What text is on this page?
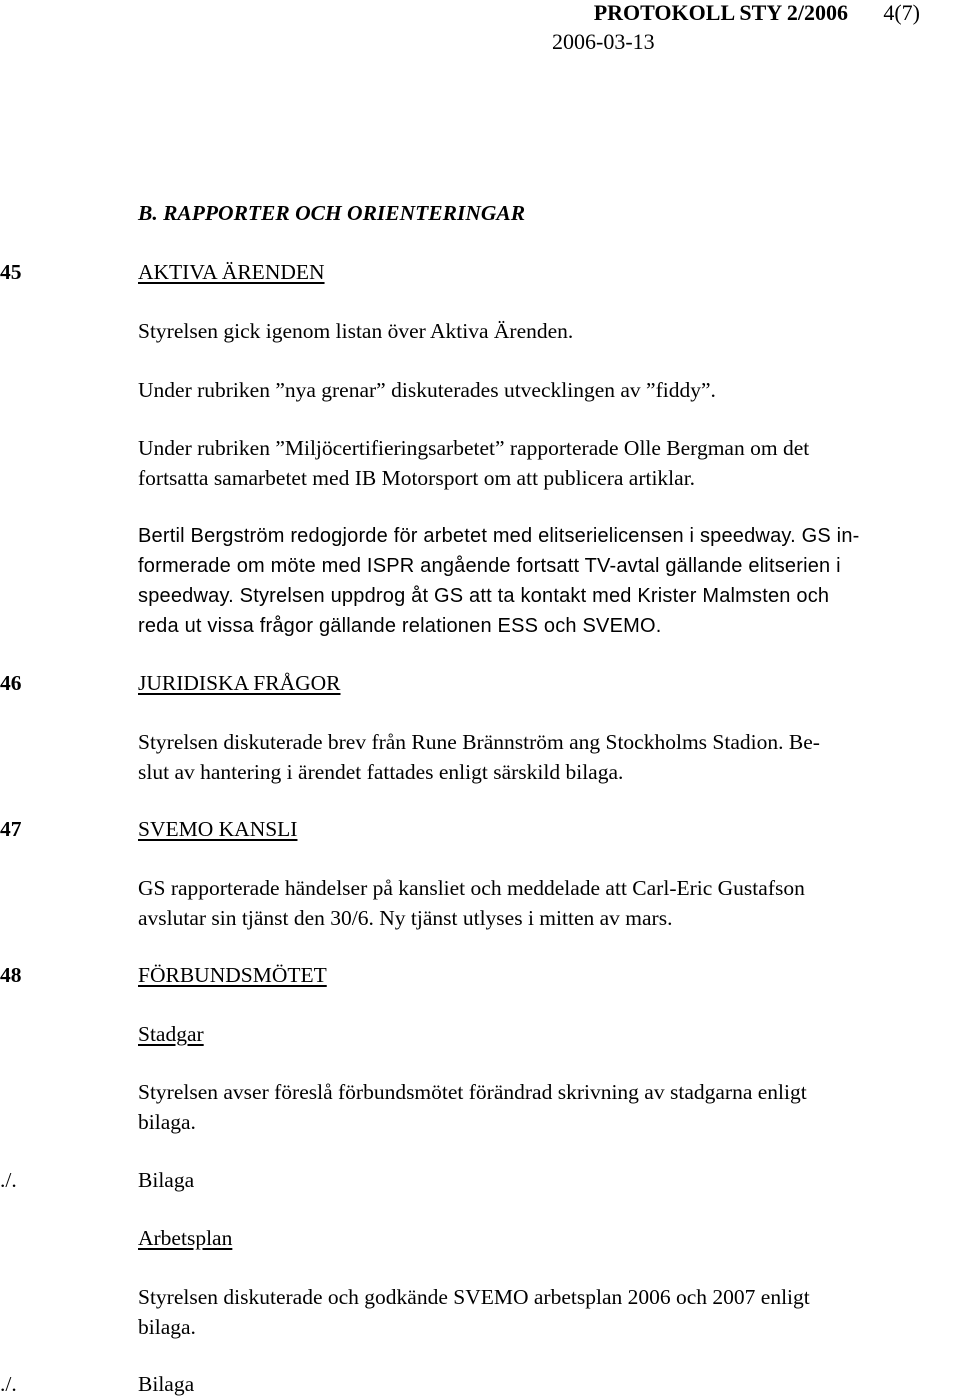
PROTOKOLL STY 2/2006 4(7)
2006-03-13
B. RAPPORTER OCH ORIENTERINGAR
45	AKTIVA ÄRENDEN
Styrelsen gick igenom listan över Aktiva Ärenden.
Under rubriken ”nya grenar” diskuterades utvecklingen av ”fiddy”.
Under rubriken ”Miljöcertifieringsarbetet” rapporterade Olle Bergman om det
fortsatta samarbetet med IB Motorsport om att publicera artiklar.
Bertil Bergström redogjorde för arbetet med elitserielicensen i speedway. GS in-
formerade om möte med ISPR angående fortsatt TV-avtal gällande elitserien i
speedway. Styrelsen uppdrog åt GS att ta kontakt med Krister Malmsten och
reda ut vissa frågor gällande relationen ESS och SVEMO.
46	JURIDISKA FRÅGOR
Styrelsen diskuterade brev från Rune Brännström ang Stockholms Stadion. Be-
slut av hantering i ärendet fattades enligt särskild bilaga.
47	SVEMO KANSLI
GS rapporterade händelser på kansliet och meddelade att Carl-Eric Gustafson
avslutar sin tjänst den 30/6. Ny tjänst utlyses i mitten av mars.
48	FÖRBUNDSMÖTET
Stadgar
Styrelsen avser föreslå förbundsmötet förändrad skrivning av stadgarna enligt
bilaga.
./.	Bilaga
Arbetsplan
Styrelsen diskuterade och godkände SVEMO arbetsplan 2006 och 2007 enligt
bilaga.
./.	Bilaga
